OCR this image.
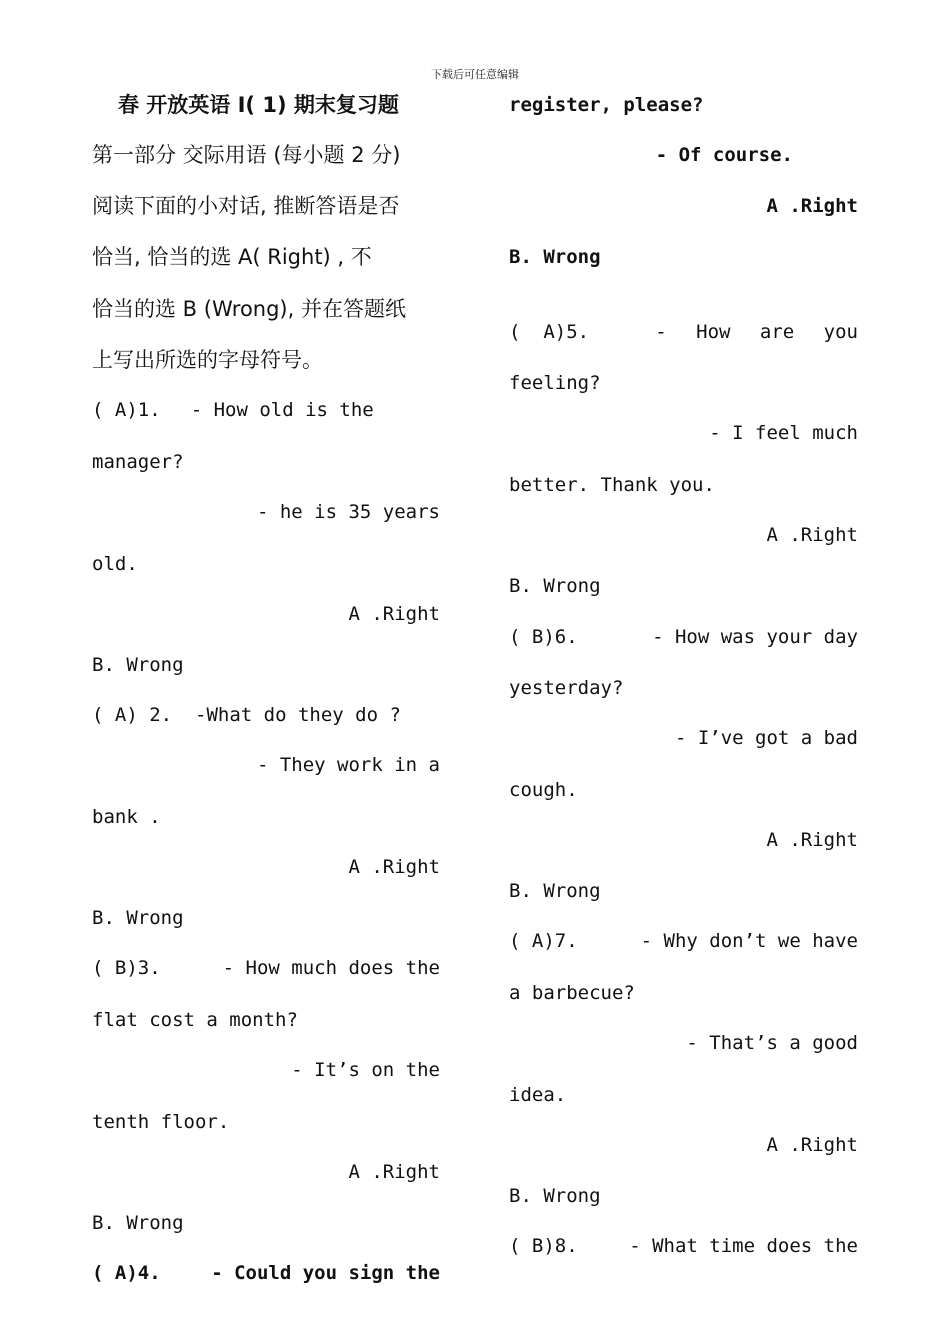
下载后可任意编辑
春 开放英语 I( 1) 期末复习题
第一部分 交际用语 (每小题 2 分)
阅读下面的小对话, 推断答语是否
恰当, 恰当的选 A( Right) , 不
恰当的选 B (Wrong), 并在答题纸
上写出所选的字母符号。
( A) 1. - How old is the
manager?
- he is 35 years
old.
A .Right
B. Wrong
( A) 2. -What do they do ?
- They work in a
bank .
A .Right
B. Wrong
( B) 3.	- How much does the
flat cost a month?
- It’s on the
tenth floor.
A .Right
B. Wrong
( A) 4.	- Could you sign the
register, please?
- Of course.
A .Right
B. Wrong
(  A) 5.	- How are you
feeling?
- I feel much
better. Thank you.
A .Right
B. Wrong
( B) 6.	- How was your day
yesterday?
- I’ve got a bad
cough.
A .Right
B. Wrong
( A) 7.	- Why don’t we have
a barbecue?
- That’s a good
idea.
A .Right
B. Wrong
( B) 8.	- What time does the
